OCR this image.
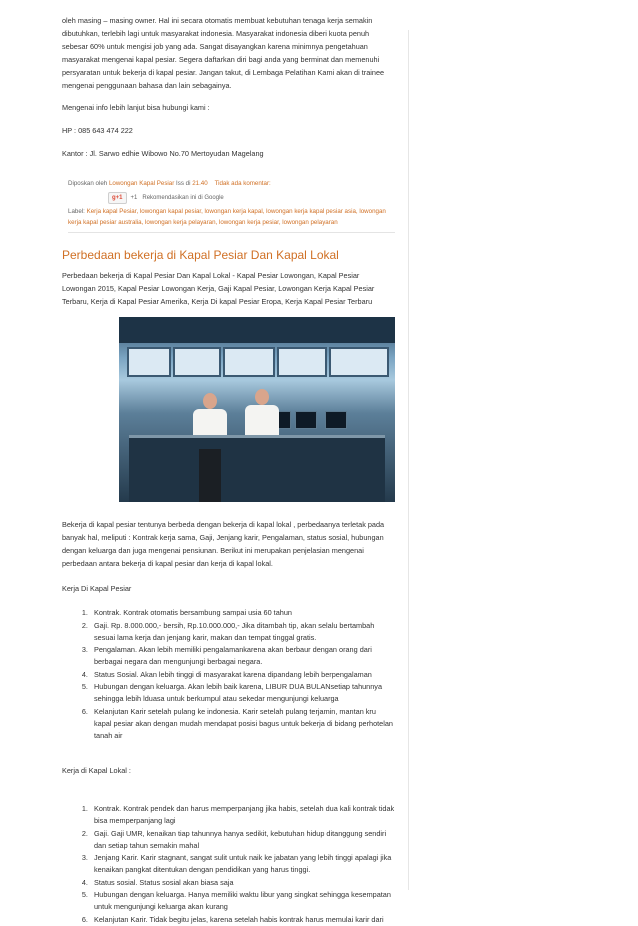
oleh masing – masing owner. Hal ini secara otomatis membuat kebutuhan tenaga kerja semakin dibutuhkan, terlebih lagi untuk masyarakat indonesia. Masyarakat indonesia diberi kuota penuh sebesar 60% untuk mengisi job yang ada. Sangat disayangkan karena minimnya pengetahuan masyarakat mengenai kapal pesiar. Segera daftarkan diri bagi anda yang berminat dan memenuhi persyaratan untuk bekerja di kapal pesiar. Jangan takut, di Lembaga Pelatihan Kami akan di trainee mengenai penggunaan bahasa dan lain sebagainya.

Mengenai info lebih lanjut bisa hubungi kami :

HP : 085 643 474 222

Kantor : Jl. Sarwo edhie Wibowo No.70 Mertoyudan Magelang

Diposkan oleh Lowongan Kapal Pesiar Iss di 21.40 Tidak ada komentar:
g+1	+1 Rekomendasikan ini di Google
Label: Kerja kapal Pesiar, lowongan kapal pesiar, lowongan kerja kapal, lowongan kerja kapal pesiar asia, lowongan kerja kapal pesiar australia, lowongan kerja pelayaran, lowongan kerja pesiar, lowongan pelayaran
Perbedaan bekerja di Kapal Pesiar Dan Kapal Lokal

Perbedaan bekerja di Kapal Pesiar Dan Kapal Lokal - Kapal Pesiar Lowongan, Kapal Pesiar Lowongan 2015, Kapal Pesiar Lowongan Kerja, Gaji Kapal Pesiar, Lowongan Kerja Kapal Pesiar Terbaru, Kerja di Kapal Pesiar Amerika, Kerja Di kapal Pesiar Eropa, Kerja Kapal Pesiar Terbaru

Bekerja di kapal pesiar tentunya berbeda dengan bekerja di kapal lokal , perbedaanya terletak pada banyak hal, meliputi : Kontrak kerja sama, Gaji, Jenjang karir, Pengalaman, status sosial, hubungan dengan keluarga dan juga mengenai pensiunan. Berikut ini merupakan penjelasian mengenai perbedaan antara bekerja di kapal pesiar dan kerja di kapal lokal.

Kerja Di Kapal Pesiar

1. Kontrak. Kontrak otomatis bersambung sampai usia 60 tahun
2. Gaji. Rp. 8.000.000,- bersih, Rp.10.000.000,- Jika ditambah tip, akan selalu bertambah sesuai lama kerja dan jenjang karir, makan dan tempat tinggal gratis.
3. Pengalaman. Akan lebih memiliki pengalamankarena akan berbaur dengan orang dari berbagai negara dan mengunjungi berbagai negara.
4. Status Sosial. Akan lebih tinggi di masyarakat karena dipandang lebih berpengalaman
5. Hubungan dengan keluarga. Akan lebih baik karena, LIBUR DUA BULANsetiap tahunnya sehingga lebih lduasa untuk berkumpul atau sekedar mengunjungi keluarga
6. Kelanjutan Karir setelah pulang ke indonesia. Karir setelah pulang terjamin, mantan kru kapal pesiar akan dengan mudah mendapat posisi bagus untuk bekerja di bidang perhotelan tanah air

Kerja di Kapal Lokal :

1. Kontrak. Kontrak pendek dan harus memperpanjang jika habis, setelah dua kali kontrak tidak bisa memperpanjang lagi
2. Gaji. Gaji UMR, kenaikan tiap tahunnya hanya sedikit, kebutuhan hidup ditanggung sendiri dan setiap tahun semakin mahal
3. Jenjang Karir. Karir stagnant, sangat sulit untuk naik ke jabatan yang lebih tinggi apalagi jika kenaikan pangkat ditentukan dengan pendidikan yang harus tinggi.
4. Status sosial. Status sosial akan biasa saja
5. Hubungan dengan keluarga. Hanya memiliki waktu libur yang singkat sehingga kesempatan untuk mengunjungi keluarga akan kurang
6. Kelanjutan Karir. Tidak begitu jelas, karena setelah habis kontrak harus memulai karir dari
